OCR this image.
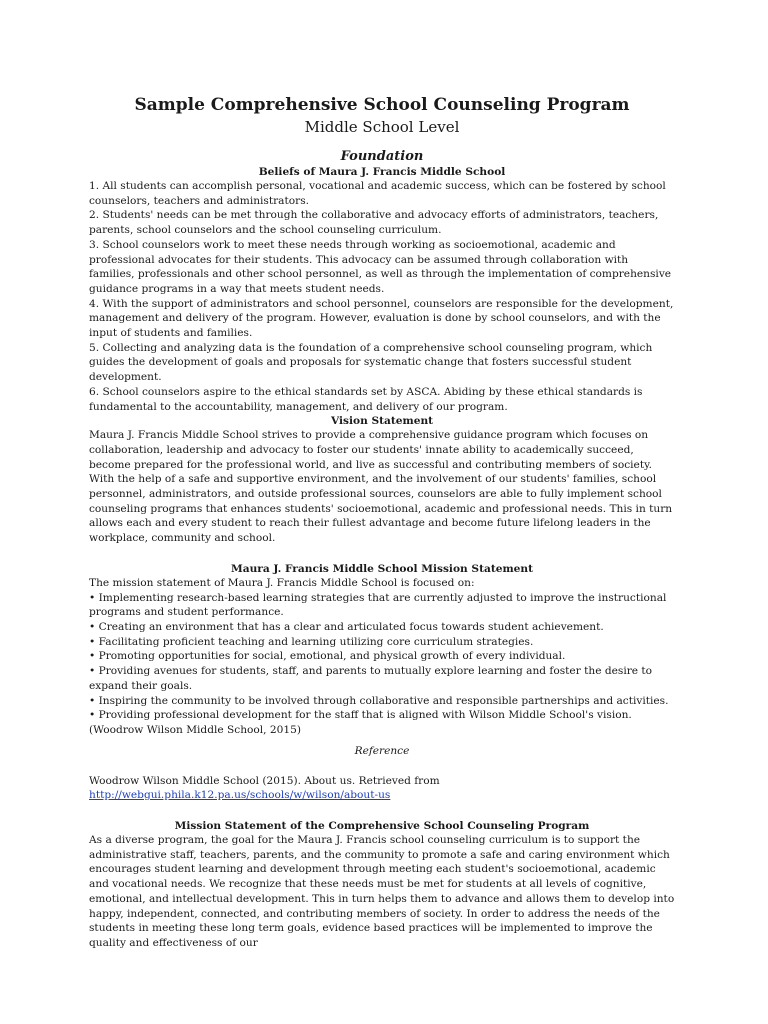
Sample Comprehensive School Counseling Program
Middle School Level
Foundation
Beliefs of Maura J. Francis Middle School

1. All students can accomplish personal, vocational and academic success, which can be fostered by school counselors, teachers and administrators.

2. Students' needs can be met through the collaborative and advocacy efforts of administrators, teachers, parents, school counselors and the school counseling curriculum.

3. School counselors work to meet these needs through working as socioemotional, academic and professional advocates for their students. This advocacy can be assumed through collaboration with families, professionals and other school personnel, as well as through the implementation of comprehensive guidance programs in a way that meets student needs.

4. With the support of administrators and school personnel, counselors are responsible for the development, management and delivery of the program. However, evaluation is done by school counselors, and with the input of students and families.

5. Collecting and analyzing data is the foundation of a comprehensive school counseling program, which guides the development of goals and proposals for systematic change that fosters successful student development.

6. School counselors aspire to the ethical standards set by ASCA. Abiding by these ethical standards is fundamental to the accountability, management, and delivery of our program.

Vision Statement

Maura J. Francis Middle School strives to provide a comprehensive guidance program which focuses on collaboration, leadership and advocacy to foster our students' innate ability to academically succeed, become prepared for the professional world, and live as successful and contributing members of society. With the help of a safe and supportive environment, and the involvement of our students' families, school personnel, administrators, and outside professional sources, counselors are able to fully implement school counseling programs that enhances students' socioemotional, academic and professional needs. This in turn allows each and every student to reach their fullest advantage and become future lifelong leaders in the workplace, community and school.

Maura J. Francis Middle School Mission Statement

The mission statement of Maura J. Francis Middle School is focused on:

• Implementing research-based learning strategies that are currently adjusted to improve the instructional programs and student performance.

• Creating an environment that has a clear and articulated focus towards student achievement.

• Facilitating proficient teaching and learning utilizing core curriculum strategies.

• Promoting opportunities for social, emotional, and physical growth of every individual.

• Providing avenues for students, staff, and parents to mutually explore learning and foster the desire to expand their goals.

• Inspiring the community to be involved through collaborative and responsible partnerships and activities.

• Providing professional development for the staff that is aligned with Wilson Middle School's vision.

(Woodrow Wilson Middle School, 2015)

Reference

Woodrow Wilson Middle School (2015). About us. Retrieved from

http://webgui.phila.k12.pa.us/schools/w/wilson/about-us

Mission Statement of the Comprehensive School Counseling Program

As a diverse program, the goal for the Maura J. Francis school counseling curriculum is to support the administrative staff, teachers, parents, and the community to promote a safe and caring environment which encourages student learning and development through meeting each student's socioemotional, academic and vocational needs. We recognize that these needs must be met for students at all levels of cognitive, emotional, and intellectual development. This in turn helps them to advance and allows them to develop into happy, independent, connected, and contributing members of society. In order to address the needs of the students in meeting these long term goals, evidence based practices will be implemented to improve the quality and effectiveness of our
